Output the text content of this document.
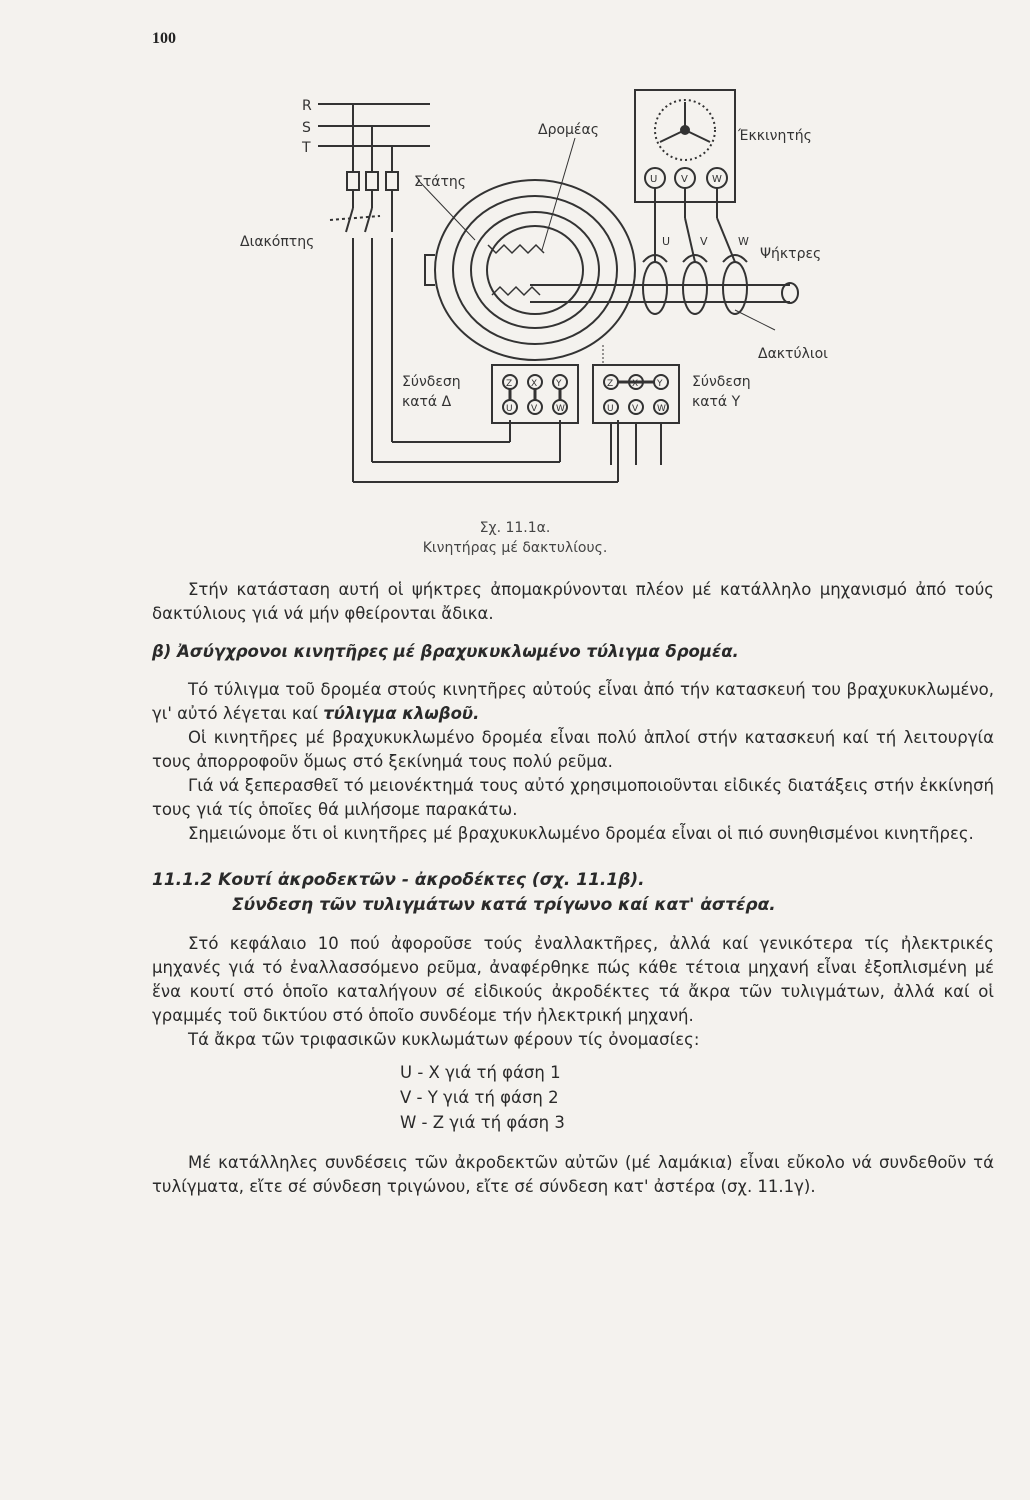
100
R
S
T
Διακόπτης
Στάτης
Δρομέας	Έκκινητής
Ψήκτρες
Δακτύλιοι
Σύνδεση
κατά Δ
Σύνδεση
κατά Υ
U V W
U	V	W
Z X Y
U V W
Z X Y
U V W
Σχ. 11.1α.
Κινητήρας μέ δακτυλίους.

Στήν κατάσταση αυτή οἱ ψήκτρες ἀπομακρύνονται πλέον μέ κατάλληλο μηχανισμό ἀπό τούς δακτύλιους γιά νά μήν φθείρονται ἄδικα.

β) Ἀσύγχρονοι κινητῆρες μέ βραχυκυκλωμένο τύλιγμα δρομέα.

Τό τύλιγμα τοῦ δρομέα στούς κινητῆρες αὐτούς εἶναι ἀπό τήν κατασκευή του βραχυκυκλωμένο, γι' αὐτό λέγεται καί τύλιγμα κλωβοῦ.

Οἱ κινητῆρες μέ βραχυκυκλωμένο δρομέα εἶναι πολύ ἁπλοί στήν κατασκευή καί τή λειτουργία τους ἀπορροφοῦν ὅμως στό ξεκίνημά τους πολύ ρεῦμα.

Γιά νά ξεπερασθεῖ τό μειονέκτημά τους αὐτό χρησιμοποιοῦνται εἰδικές διατάξεις στήν ἐκκίνησή τους γιά τίς ὁποῖες θά μιλήσομε παρακάτω.

Σημειώνομε ὅτι οἱ κινητῆρες μέ βραχυκυκλωμένο δρομέα εἶναι οἱ πιό συνηθισμένοι κινητῆρες.

11.1.2 Κουτί ἀκροδεκτῶν - ἀκροδέκτες (σχ. 11.1β).
Σύνδεση τῶν τυλιγμάτων κατά τρίγωνο καί κατ' ἀστέρα.

Στό κεφάλαιο 10 πού ἀφοροῦσε τούς ἐναλλακτῆρες, ἀλλά καί γενικότερα τίς ἠλεκτρικές μηχανές γιά τό ἐναλλασσόμενο ρεῦμα, ἀναφέρθηκε πώς κάθε τέτοια μηχανή εἶναι ἐξοπλισμένη μέ ἕνα κουτί στό ὁποῖο καταλήγουν σέ εἰδικούς ἀκροδέκτες τά ἄκρα τῶν τυλιγμάτων, ἀλλά καί οἱ γραμμές τοῦ δικτύου στό ὁποῖο συνδέομε τήν ἠλεκτρική μηχανή.

Τά ἄκρα τῶν τριφασικῶν κυκλωμάτων φέρουν τίς ὀνομασίες:

U - X γιά τή φάση 1
V - Y γιά τή φάση 2
W - Z γιά τή φάση 3

Μέ κατάλληλες συνδέσεις τῶν ἀκροδεκτῶν αὐτῶν (μέ λαμάκια) εἶναι εὔκολο νά συνδεθοῦν τά τυλίγματα, εἴτε σέ σύνδεση τριγώνου, εἴτε σέ σύνδεση κατ' ἀστέρα (σχ. 11.1γ).
